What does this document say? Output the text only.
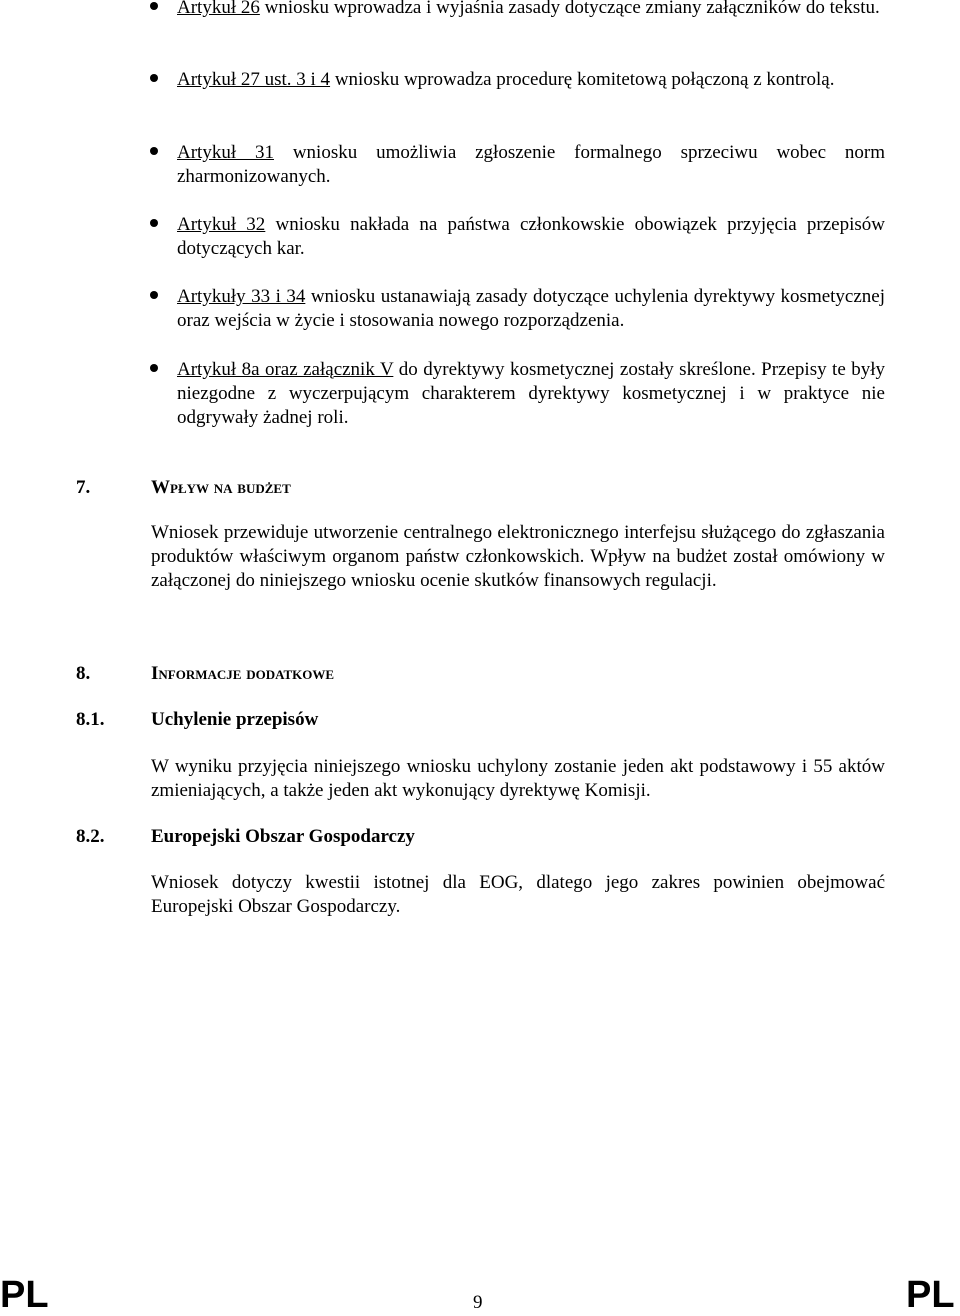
Artykuł 26 wniosku wprowadza i wyjaśnia zasady dotyczące zmiany załączników do tekstu.
Artykuł 27 ust. 3 i 4 wniosku wprowadza procedurę komitetową połączoną z kontrolą.
Artykuł 31 wniosku umożliwia zgłoszenie formalnego sprzeciwu wobec norm zharmonizowanych.
Artykuł 32 wniosku nakłada na państwa członkowskie obowiązek przyjęcia przepisów dotyczących kar.
Artykuły 33 i 34 wniosku ustanawiają zasady dotyczące uchylenia dyrektywy kosmetycznej oraz wejścia w życie i stosowania nowego rozporządzenia.
Artykuł 8a oraz załącznik V do dyrektywy kosmetycznej zostały skreślone. Przepisy te były niezgodne z wyczerpującym charakterem dyrektywy kosmetycznej i w praktyce nie odgrywały żadnej roli.
7.	Wpływ na budżet

Wniosek przewiduje utworzenie centralnego elektronicznego interfejsu służącego do zgłaszania produktów właściwym organom państw członkowskich. Wpływ na budżet został omówiony w załączonej do niniejszego wniosku ocenie skutków finansowych regulacji.

8.	Informacje dodatkowe
8.1. Uchylenie przepisów

W wyniku przyjęcia niniejszego wniosku uchylony zostanie jeden akt podstawowy i 55 aktów zmieniających, a także jeden akt wykonujący dyrektywę Komisji.

8.2. Europejski Obszar Gospodarczy

Wniosek dotyczy kwestii istotnej dla EOG, dlatego jego zakres powinien obejmować Europejski Obszar Gospodarczy.

PL	9	PL
